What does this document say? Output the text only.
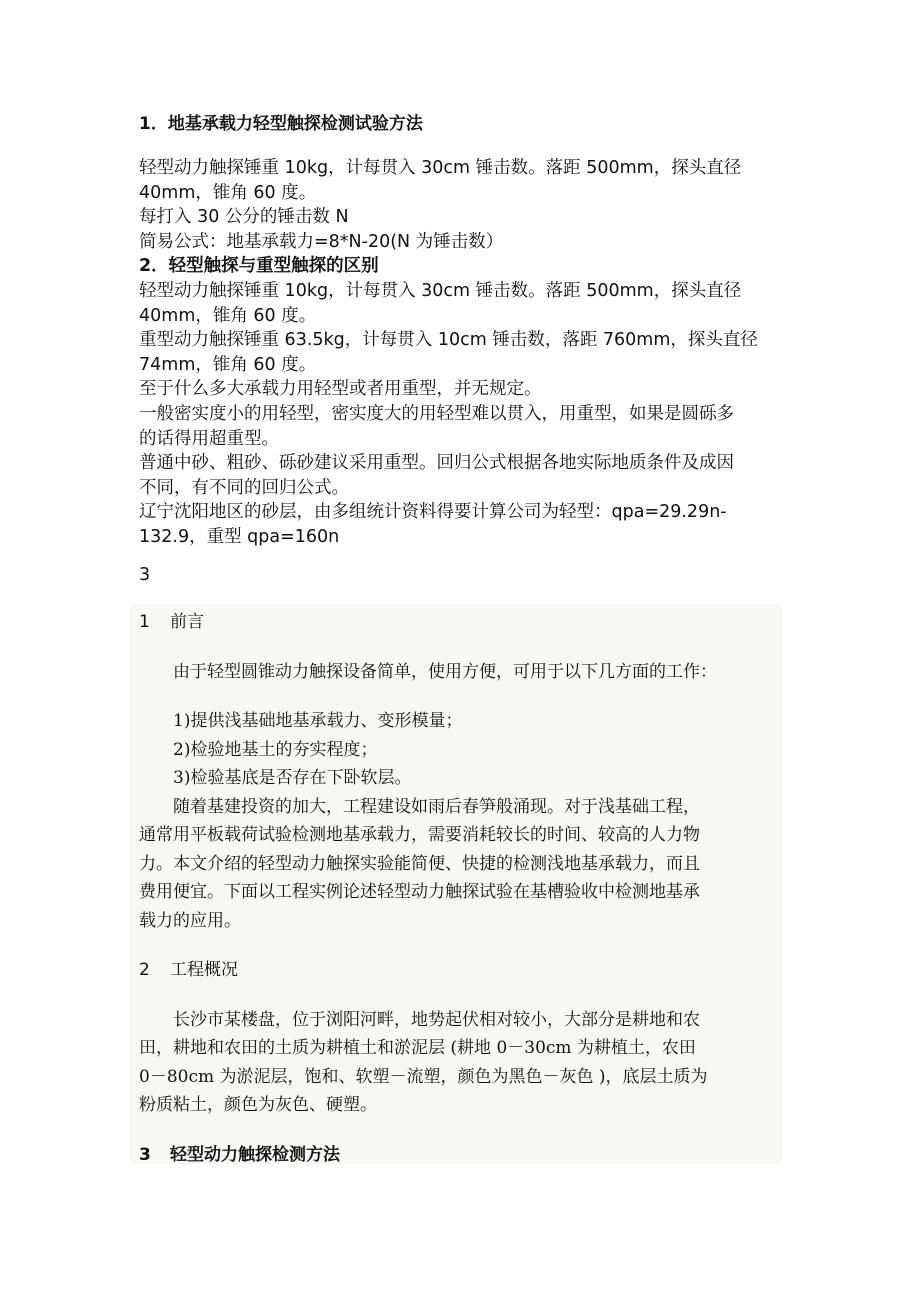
1．地基承载力轻型触探检测试验方法

轻型动力触探锤重 10kg，计每贯入 30cm 锤击数。落距 500mm，探头直径

40mm，锥角 60 度。

每打入 30 公分的锤击数 N

简易公式：地基承载力=8*N-20(N 为锤击数）

2．轻型触探与重型触探的区别

轻型动力触探锤重 10kg，计每贯入 30cm 锤击数。落距 500mm，探头直径

40mm，锥角 60 度。

重型动力触探锤重 63.5kg，计每贯入 10cm 锤击数，落距 760mm，探头直径

74mm，锥角 60 度。

至于什么多大承载力用轻型或者用重型，并无规定。

一般密实度小的用轻型，密实度大的用轻型难以贯入，用重型，如果是圆砾多

的话得用超重型。

普通中砂、粗砂、砾砂建议采用重型。回归公式根据各地实际地质条件及成因

不同，有不同的回归公式。

辽宁沈阳地区的砂层，由多组统计资料得要计算公司为轻型：qpa=29.29n-

132.9，重型 qpa=160n

3

1 前言

由于轻型圆锥动力触探设备简单，使用方便，可用于以下几方面的工作：

1)提供浅基础地基承载力、变形模量；

2)检验地基土的夯实程度；

3)检验基底是否存在下卧软层。

随着基建投资的加大，工程建设如雨后春笋般涌现。对于浅基础工程，

通常用平板载荷试验检测地基承载力，需要消耗较长的时间、较高的人力物

力。本文介绍的轻型动力触探实验能简便、快捷的检测浅地基承载力，而且

费用便宜。下面以工程实例论述轻型动力触探试验在基槽验收中检测地基承

载力的应用。

2 工程概况

长沙市某楼盘，位于浏阳河畔，地势起伏相对较小，大部分是耕地和农

田，耕地和农田的土质为耕植土和淤泥层 (耕地 0－30cm 为耕植土，农田

0－80cm 为淤泥层，饱和、软塑－流塑，颜色为黑色－灰色 )，底层土质为

粉质粘土，颜色为灰色、硬塑。

3 轻型动力触探检测方法
